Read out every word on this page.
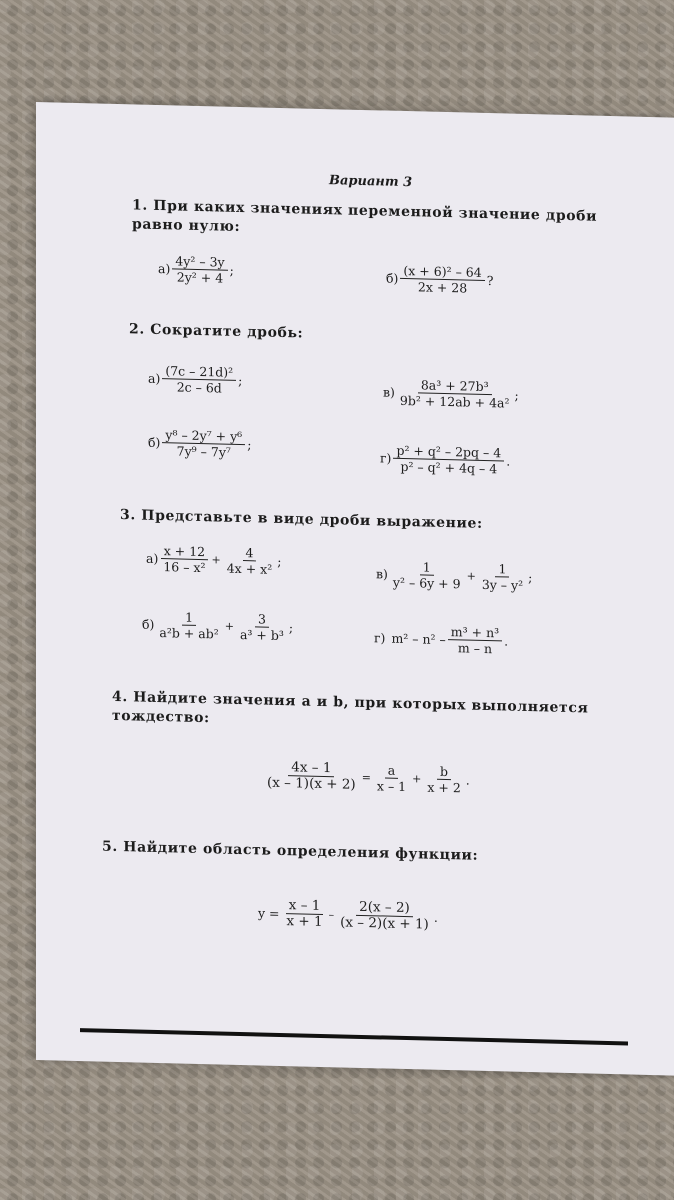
Вариант 3
1. При каких значениях переменной значение дроби равно нулю:
$а) \frac{\text{4y² – 3y}}{\text{2y² + 4}}$ ;
$б) \frac{\text{(x + 6)² – 64}}{2x + 28}$ ?
2. Сократите дробь:
$а) \frac{\text{(7c – 21d)²}}{2c - 6d}$ ;
$в) \frac{\text{8a³ + 27b³}}{\text{9b² + 12ab + 4a²}}$ ;
$б) \frac{\text{y⁸ – 2y⁷ + y⁶}}{\text{7y⁹ – 7y⁷}}$ ;
$г) \frac{\text{p² + q² – 2pq – 4}}{\text{p² – q² + 4q – 4}}$ .
3. Представьте в виде дроби выражение:
$а) \frac{x + 12}{\text{16 – x²}} + \frac{4}{\text{4x + x²}}$ ;
$в) \frac{1}{\text{y² – 6y + 9}} + \frac{1}{\text{3y – y²}}$ ;
$б) \frac{1}{\text{a²b + ab²}} + \frac{3}{\text{a³ + b³}}$ ;
г) $m^2 - n^2 - \frac{\text{m³ + n³}}{m - n}$ .
4. Найдите значения a и b, при которых выполняется тождество:
$\frac{4x - 1}{(x - 1)(x + 2)} = \frac{a}{x - 1} + \frac{b}{x + 2}$ .
5. Найдите область определения функции:
$y = \frac{x - 1}{x + 1} - \frac{2(x - 2)}{(x - 2)(x + 1)}$ .
